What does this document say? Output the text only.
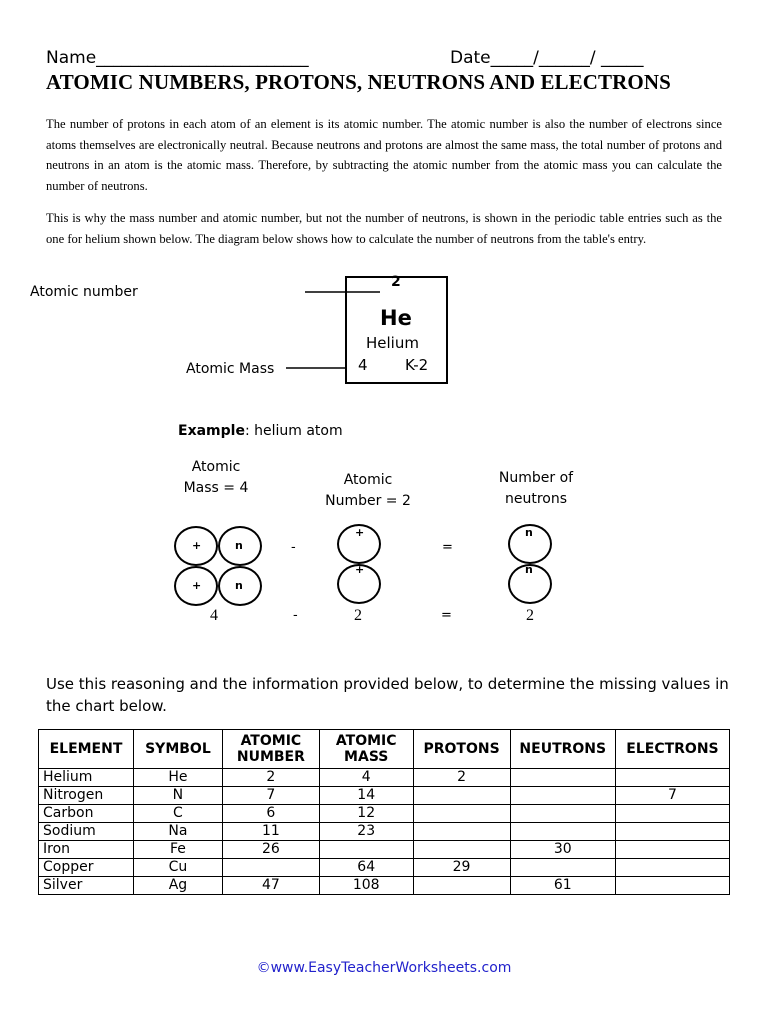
Name_________________________	Date_____/______/ _____
ATOMIC NUMBERS, PROTONS, NEUTRONS AND ELECTRONS
The number of protons in each atom of an element is its atomic number. The atomic number is also the number of electrons since atoms themselves are electronically neutral. Because neutrons and protons are almost the same mass, the total number of protons and neutrons in an atom is the atomic mass. Therefore, by subtracting the atomic number from the atomic mass you can calculate the number of neutrons.
This is why the mass number and atomic number, but not the number of neutrons, is shown in the periodic table entries such as the one for helium shown below. The diagram below shows how to calculate the number of neutrons from the table's entry.
Atomic number
Atomic Mass
2
He
Helium
4 K-2
Example: helium atom
Atomic
Mass = 4	Atomic
Number = 2
Number of
neutrons
+	n
+	n
-
+
+
=
n
n
4	-	2	=	2
Use this reasoning and the information provided below, to determine the missing values in the chart below.
ELEMENT	SYMBOL	ATOMIC NUMBER	ATOMIC MASS	PROTONS	NEUTRONS	ELECTRONS
Helium	He	2	4	2		
Nitrogen	N	7	14			7
Carbon	C	6	12			
Sodium	Na	11	23			
Iron	Fe	26			30	
Copper	Cu		64	29		
Silver	Ag	47	108		61	
©www.EasyTeacherWorksheets.com
